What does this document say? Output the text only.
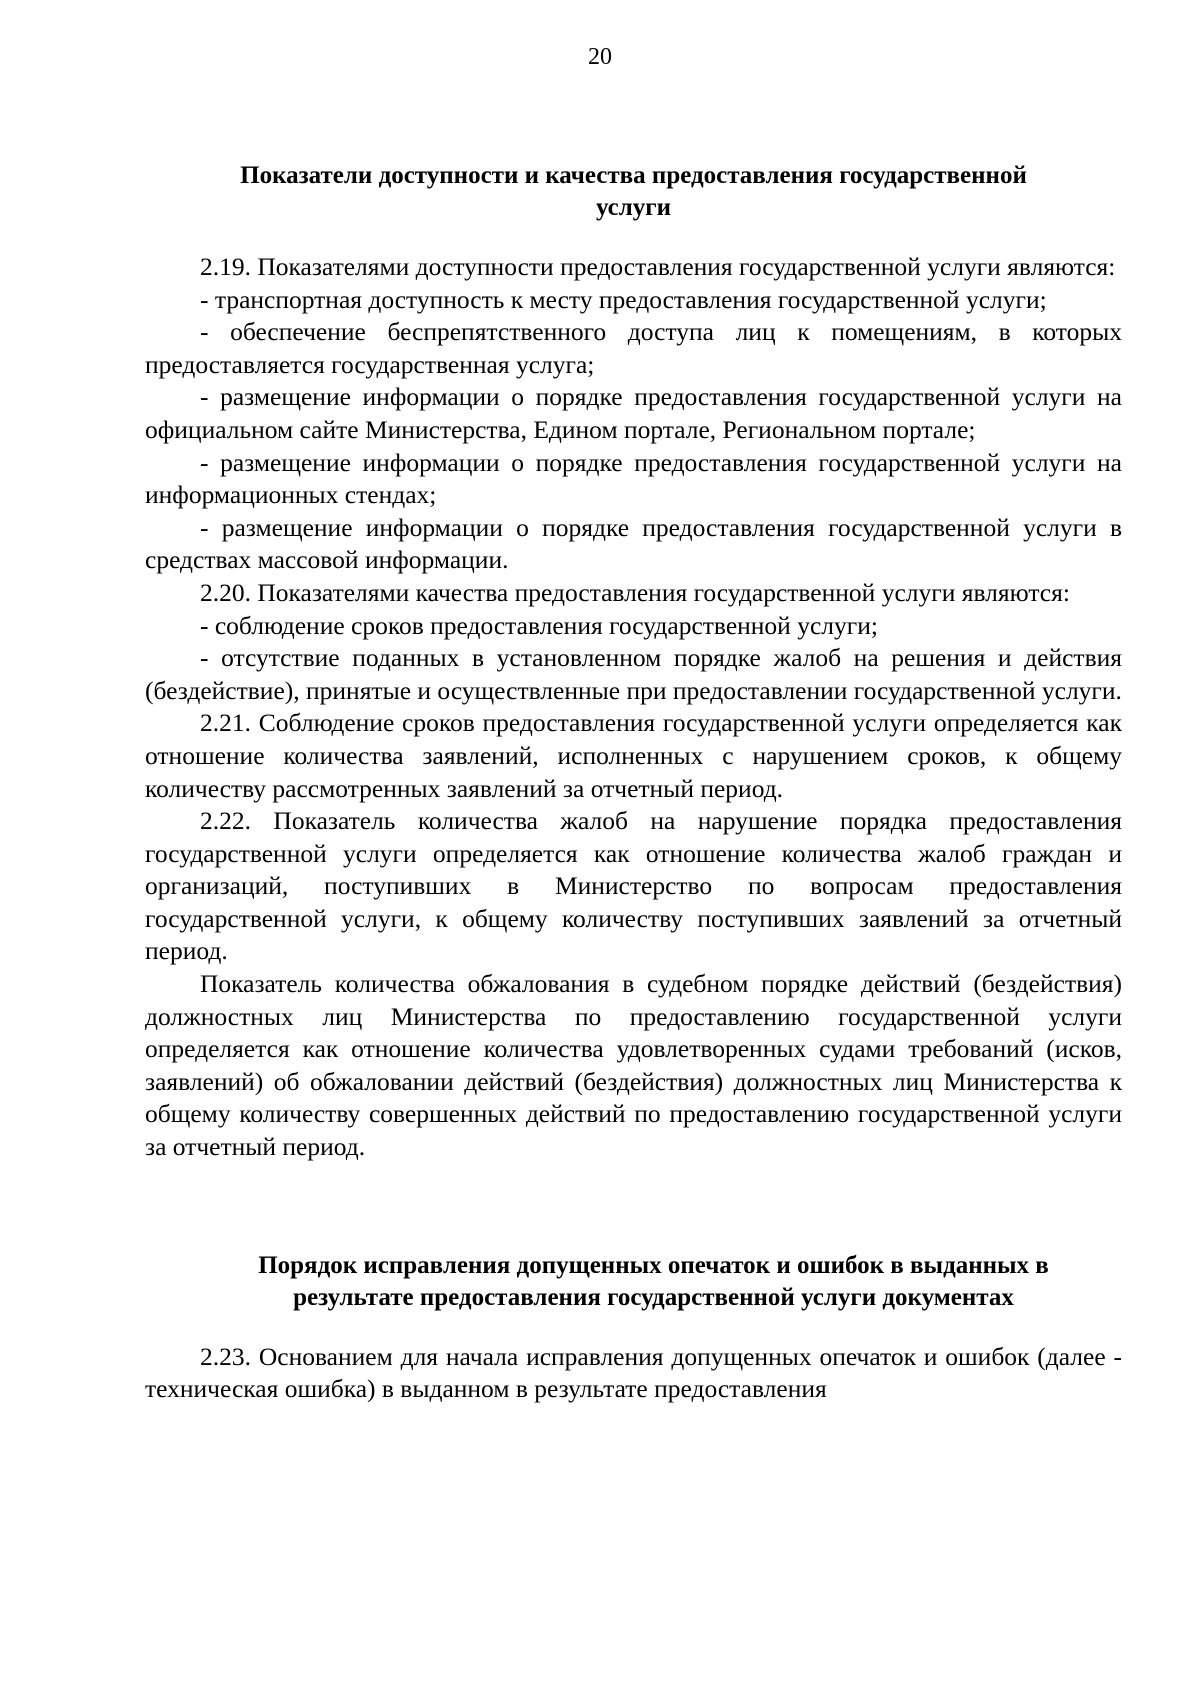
20
Показатели доступности и качества предоставления государственной услуги

2.19. Показателями доступности предоставления государственной услуги являются:

- транспортная доступность к месту предоставления государственной услуги;

- обеспечение беспрепятственного доступа лиц к помещениям, в которых предоставляется государственная услуга;

- размещение информации о порядке предоставления государственной услуги на официальном сайте Министерства, Едином портале, Региональном портале;

- размещение информации о порядке предоставления государственной услуги на информационных стендах;

- размещение информации о порядке предоставления государственной услуги в средствах массовой информации.

2.20. Показателями качества предоставления государственной услуги являются:

- соблюдение сроков предоставления государственной услуги;

- отсутствие поданных в установленном порядке жалоб на решения и действия (бездействие), принятые и осуществленные при предоставлении государственной услуги.

2.21. Соблюдение сроков предоставления государственной услуги определяется как отношение количества заявлений, исполненных с нарушением сроков, к общему количеству рассмотренных заявлений за отчетный период.

2.22. Показатель количества жалоб на нарушение порядка предоставления государственной услуги определяется как отношение количества жалоб граждан и организаций, поступивших в Министерство по вопросам предоставления государственной услуги, к общему количеству поступивших заявлений за отчетный период.

Показатель количества обжалования в судебном порядке действий (бездействия) должностных лиц Министерства по предоставлению государственной услуги определяется как отношение количества удовлетворенных судами требований (исков, заявлений) об обжаловании действий (бездействия) должностных лиц Министерства к общему количеству совершенных действий по предоставлению государственной услуги за отчетный период.

Порядок исправления допущенных опечаток и ошибок в выданных в результате предоставления государственной услуги документах

2.23. Основанием для начала исправления допущенных опечаток и ошибок (далее - техническая ошибка) в выданном в результате предоставления
